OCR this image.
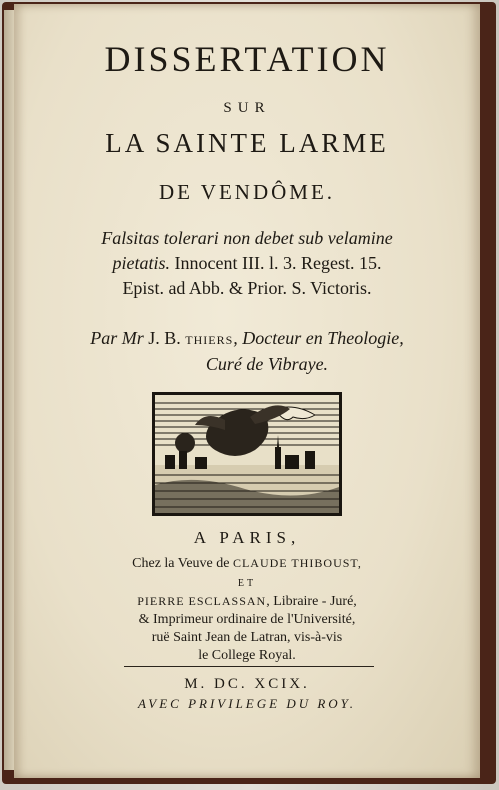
DISSERTATION
SUR
LA SAINTE LARME
DE VENDÔME.
Falsitas tolerari non debet sub velamine
pietatis. Innocent III. l. 3. Regest. 15.
Epist. ad Abb. & Prior. S. Victoris.
Par Mr J. B. THIERS, Docteur en Theologie,
Curé de Vibraye.
A PARIS,
Chez la Veuve de CLAUDE THIBOUST,
ET
PIERRE ESCLASSAN, Libraire - Juré,
& Imprimeur ordinaire de l'Université,
ruë Saint Jean de Latran, vis-à-vis
le College Royal.
M. DC. XCIX.
AVEC PRIVILEGE DU ROY.
